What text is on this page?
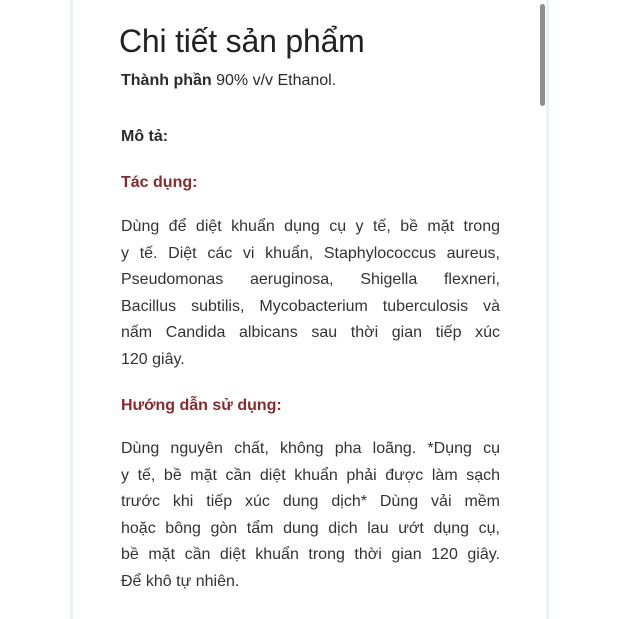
Chi tiết sản phẩm
Thành phần 90% v/v Ethanol.
Mô tả:
Tác dụng:
Dùng để diệt khuẩn dụng cụ y tế, bề mặt trong
y tế. Diệt các vi khuẩn, Staphylococcus aureus,
Pseudomonas aeruginosa, Shigella flexneri,
Bacillus subtilis, Mycobacterium tuberculosis và
nấm Candida albicans sau thời gian tiếp xúc
120 giây.
Hướng dẫn sử dụng:
Dùng nguyên chất, không pha loãng. *Dụng cụ
y tế, bề mặt cần diệt khuẩn phải được làm sạch
trước khi tiếp xúc dung dịch* Dùng vải mềm
hoặc bông gòn tẩm dung dịch lau ướt dụng cụ,
bề mặt cần diệt khuẩn trong thời gian 120 giây.
Để khô tự nhiên.
